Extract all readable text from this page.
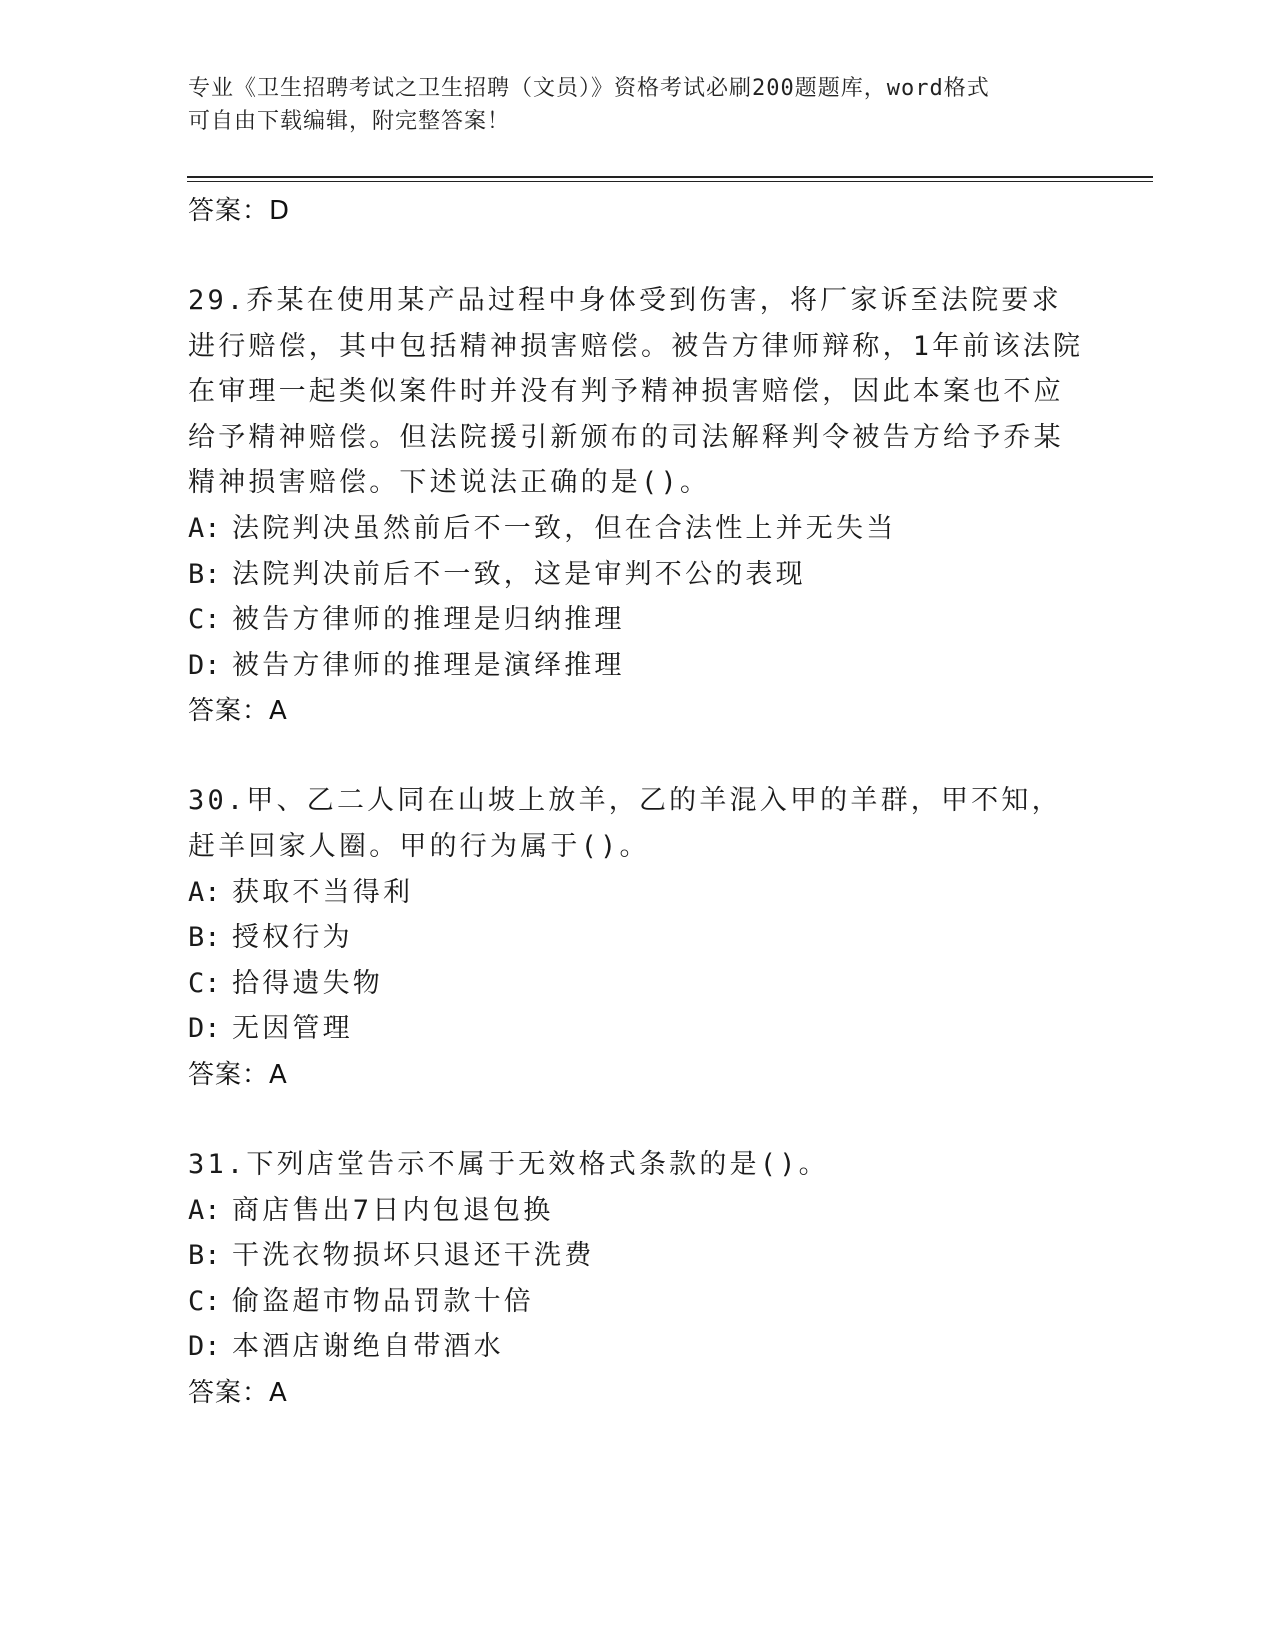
专业《卫生招聘考试之卫生招聘（文员）》资格考试必刷200题题库，word格式
可自由下载编辑，附完整答案！
答案：D
29.乔某在使用某产品过程中身体受到伤害，将厂家诉至法院要求进行赔偿，其中包括精神损害赔偿。被告方律师辩称，1年前该法院在审理一起类似案件时并没有判予精神损害赔偿，因此本案也不应给予精神赔偿。但法院援引新颁布的司法解释判令被告方给予乔某精神损害赔偿。下述说法正确的是()。
A: 法院判决虽然前后不一致，但在合法性上并无失当
B: 法院判决前后不一致，这是审判不公的表现
C: 被告方律师的推理是归纳推理
D: 被告方律师的推理是演绎推理
答案：A
30.甲、乙二人同在山坡上放羊，乙的羊混入甲的羊群，甲不知，赶羊回家人圈。甲的行为属于()。
A: 获取不当得利
B: 授权行为
C: 拾得遗失物
D: 无因管理
答案：A
31.下列店堂告示不属于无效格式条款的是()。
A: 商店售出7日内包退包换
B: 干洗衣物损坏只退还干洗费
C: 偷盗超市物品罚款十倍
D: 本酒店谢绝自带酒水
答案：A
